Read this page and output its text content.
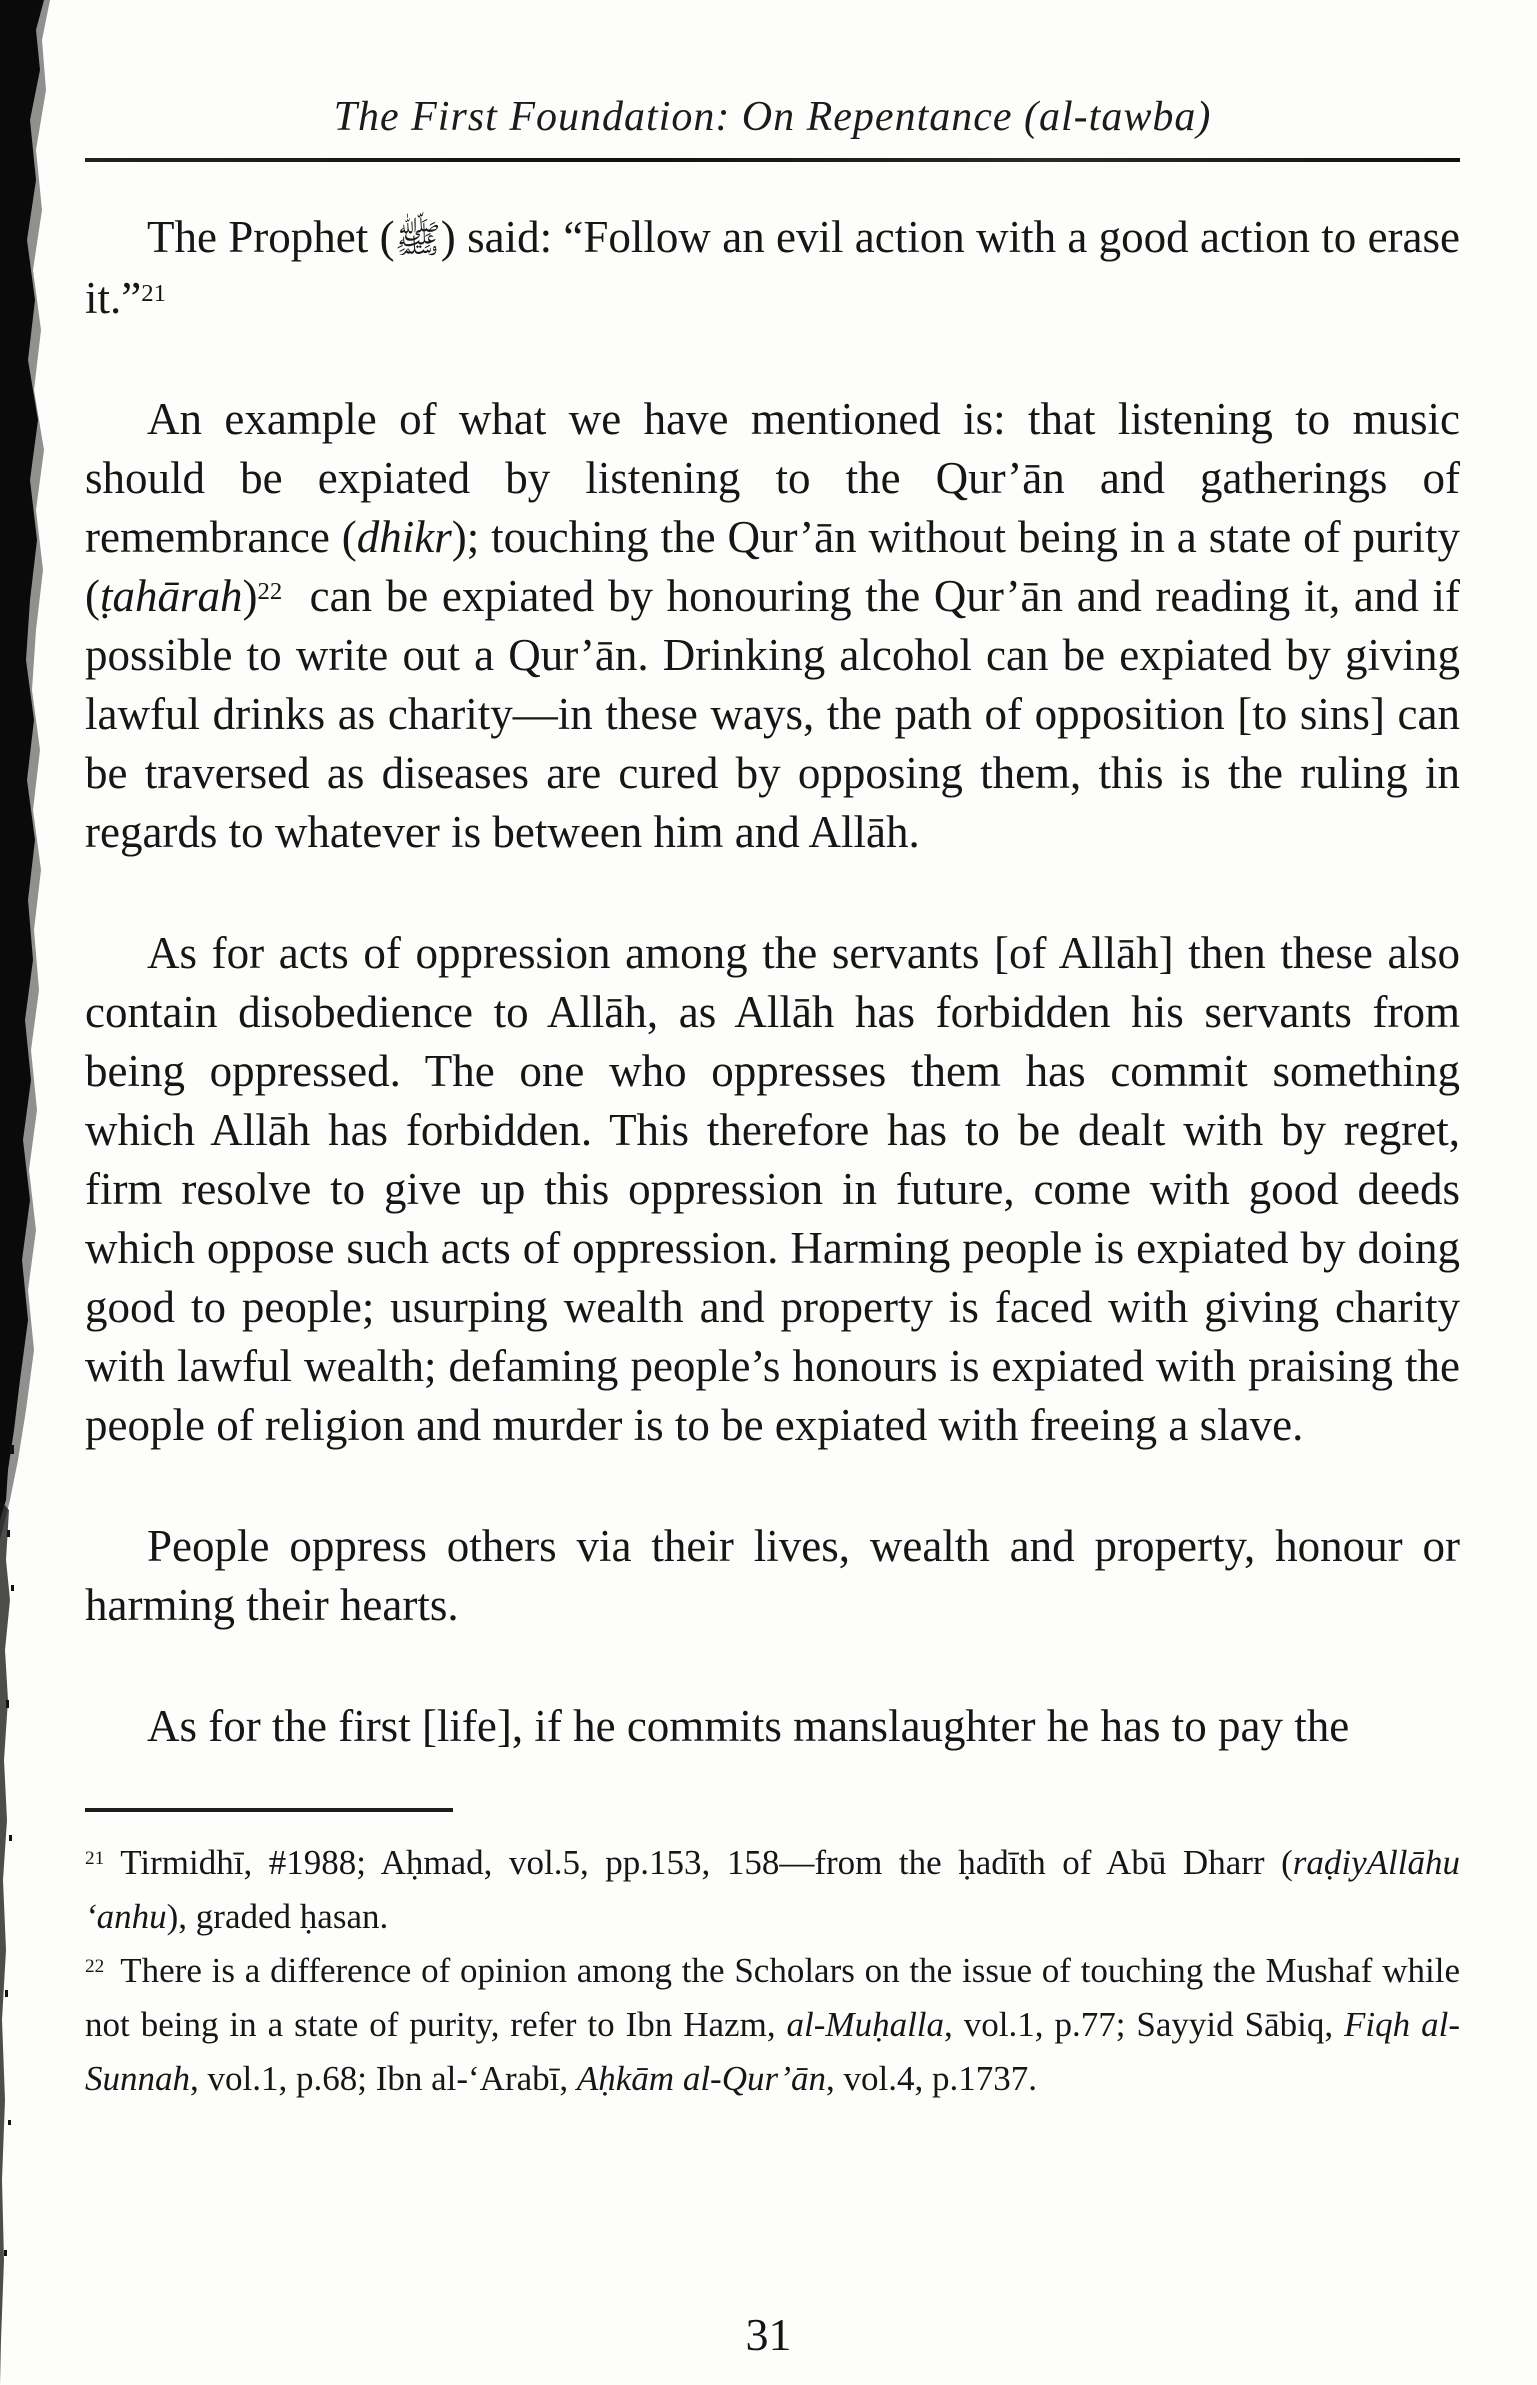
The First Foundation: On Repentance (al-tawba)

The Prophet (ﷺ) said: “Follow an evil action with a good action to erase it.”$^{21}$

An example of what we have mentioned is: that listening to music should be expiated by listening to the Qur’ān and gatherings of remembrance (dhikr); touching the Qur’ān without being in a state of purity (ṭahārah)$^{22}$  can be expiated by honouring the Qur’ān and reading it, and if possible to write out a Qur’ān. Drinking alcohol can be expiated by giving lawful drinks as charity—in these ways, the path of opposition [to sins] can be traversed as diseases are cured by opposing them, this is the ruling in regards to whatever is between him and Allāh.

As for acts of oppression among the servants [of Allāh] then these also contain disobedience to Allāh, as Allāh has forbidden his servants from being oppressed. The one who oppresses them has commit something which Allāh has forbidden. This therefore has to be dealt with by regret, firm resolve to give up this oppression in future, come with good deeds which oppose such acts of oppression. Harming people is expiated by doing good to people; usurping wealth and property is faced with giving charity with lawful wealth; defaming people’s honours is expiated with praising the people of religion and murder is to be expiated with freeing a slave.

People oppress others via their lives, wealth and property, honour or harming their hearts.

As for the first [life], if he commits manslaughter he has to pay the

$^{21}$ Tirmidhī, #1988; Aḥmad, vol.5, pp.153, 158—from the ḥadīth of Abū Dharr (raḍiyAllāhu ‘anhu), graded ḥasan.

$^{22}$ There is a difference of opinion among the Scholars on the issue of touching the Mushaf while not being in a state of purity, refer to Ibn Hazm, al-Muḥalla, vol.1, p.77; Sayyid Sābiq, Fiqh al-Sunnah, vol.1, p.68; Ibn al-‘Arabī, Aḥkām al-Qur’ān, vol.4, p.1737.

31
